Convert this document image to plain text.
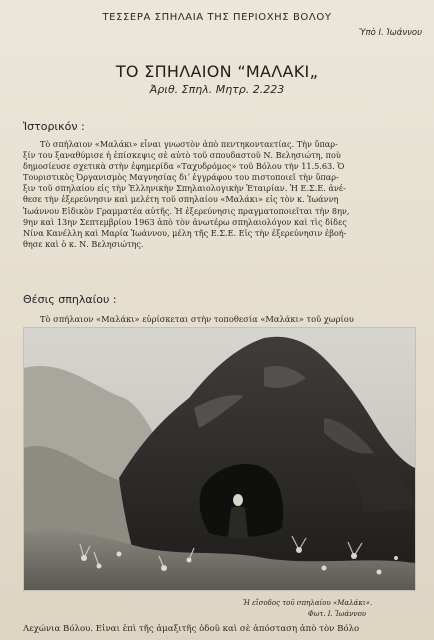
ΤΕΣΣΕΡΑ ΣΠΗΛΑΙΑ ΤΗΣ ΠΕΡΙΟΧΗΣ ΒΟΛΟΥ
Ὑπὸ Ι. Ἰωάννου
ΤΟ ΣΠΗΛΑΙΟΝ “ΜΑΛΑΚΙ„
Ἀριθ. Σπηλ. Μητρ. 2.223
Ἱστορικόν :
Τὸ σπήλαιον «Μαλάκι» εἶναι γνωστὸν ἀπὸ πεντηκονταετίας. Τὴν ὕπαρ-
ξίν του ξαναθύμισε ἡ ἐπίσκεψις σὲ αὐτὸ τοῦ σπουδαστοῦ Ν. Βελησιώτη, ποὺ
δημοσίευσε σχετικὰ στὴν ἐφημερίδα «Ταχυδρόμος» τοῦ Βόλου τὴν 11.5.63. Ὁ
Τουριστικὸς Ὀργανισμὸς Μαγνησίας διʼ ἐγγράφου του πιστοποιεῖ τὴν ὕπαρ-
ξιν τοῦ σπηλαίου εἰς τὴν Ἑλληνικὴν Σπηλαιολογικὴν Ἑταιρίαν. Ἡ Ε.Σ.Ε. ἀνέ-
θεσε τὴν ἐξερεύνησιν καὶ μελέτη τοῦ σπηλαίου «Μαλάκι» εἰς τὸν κ. Ἰωάννη
Ἰωάννου Εἰδικὸν Γραμματέα αὐτῆς. Ἡ ἐξερεύνησις πραγματοποιεῖται τὴν 8ην,
9ην καὶ 13ην Σεπτεμβρίου 1963 ἀπὸ τὸν ἀνωτέρω σπηλαιολόγον καὶ τὶς δίδες
Νίνα Κανέλλη καὶ Μαρία Ἰωάννου, μέλη τῆς Ε.Σ.Ε. Εἰς τὴν ἐξερεύνησιν ἐβοή-
θησε καὶ ὁ κ. Ν. Βελησιώτης.
Θέσις σπηλαίου :
Τὸ σπήλαιον «Μαλάκι» εὑρίσκεται στὴν τοποθεσία «Μαλάκι» τοῦ χωρίου
Ἡ εἴσοδος τοῦ σπηλαίου «Μαλάκι».
Φωτ. Ι. Ἰωάννου
Λεχώνια Βόλου. Εἶναι ἐπὶ τῆς ἁμαξιτῆς ὁδοῦ καὶ σὲ ἀπόσταση ἀπὸ τὸν Βόλο
